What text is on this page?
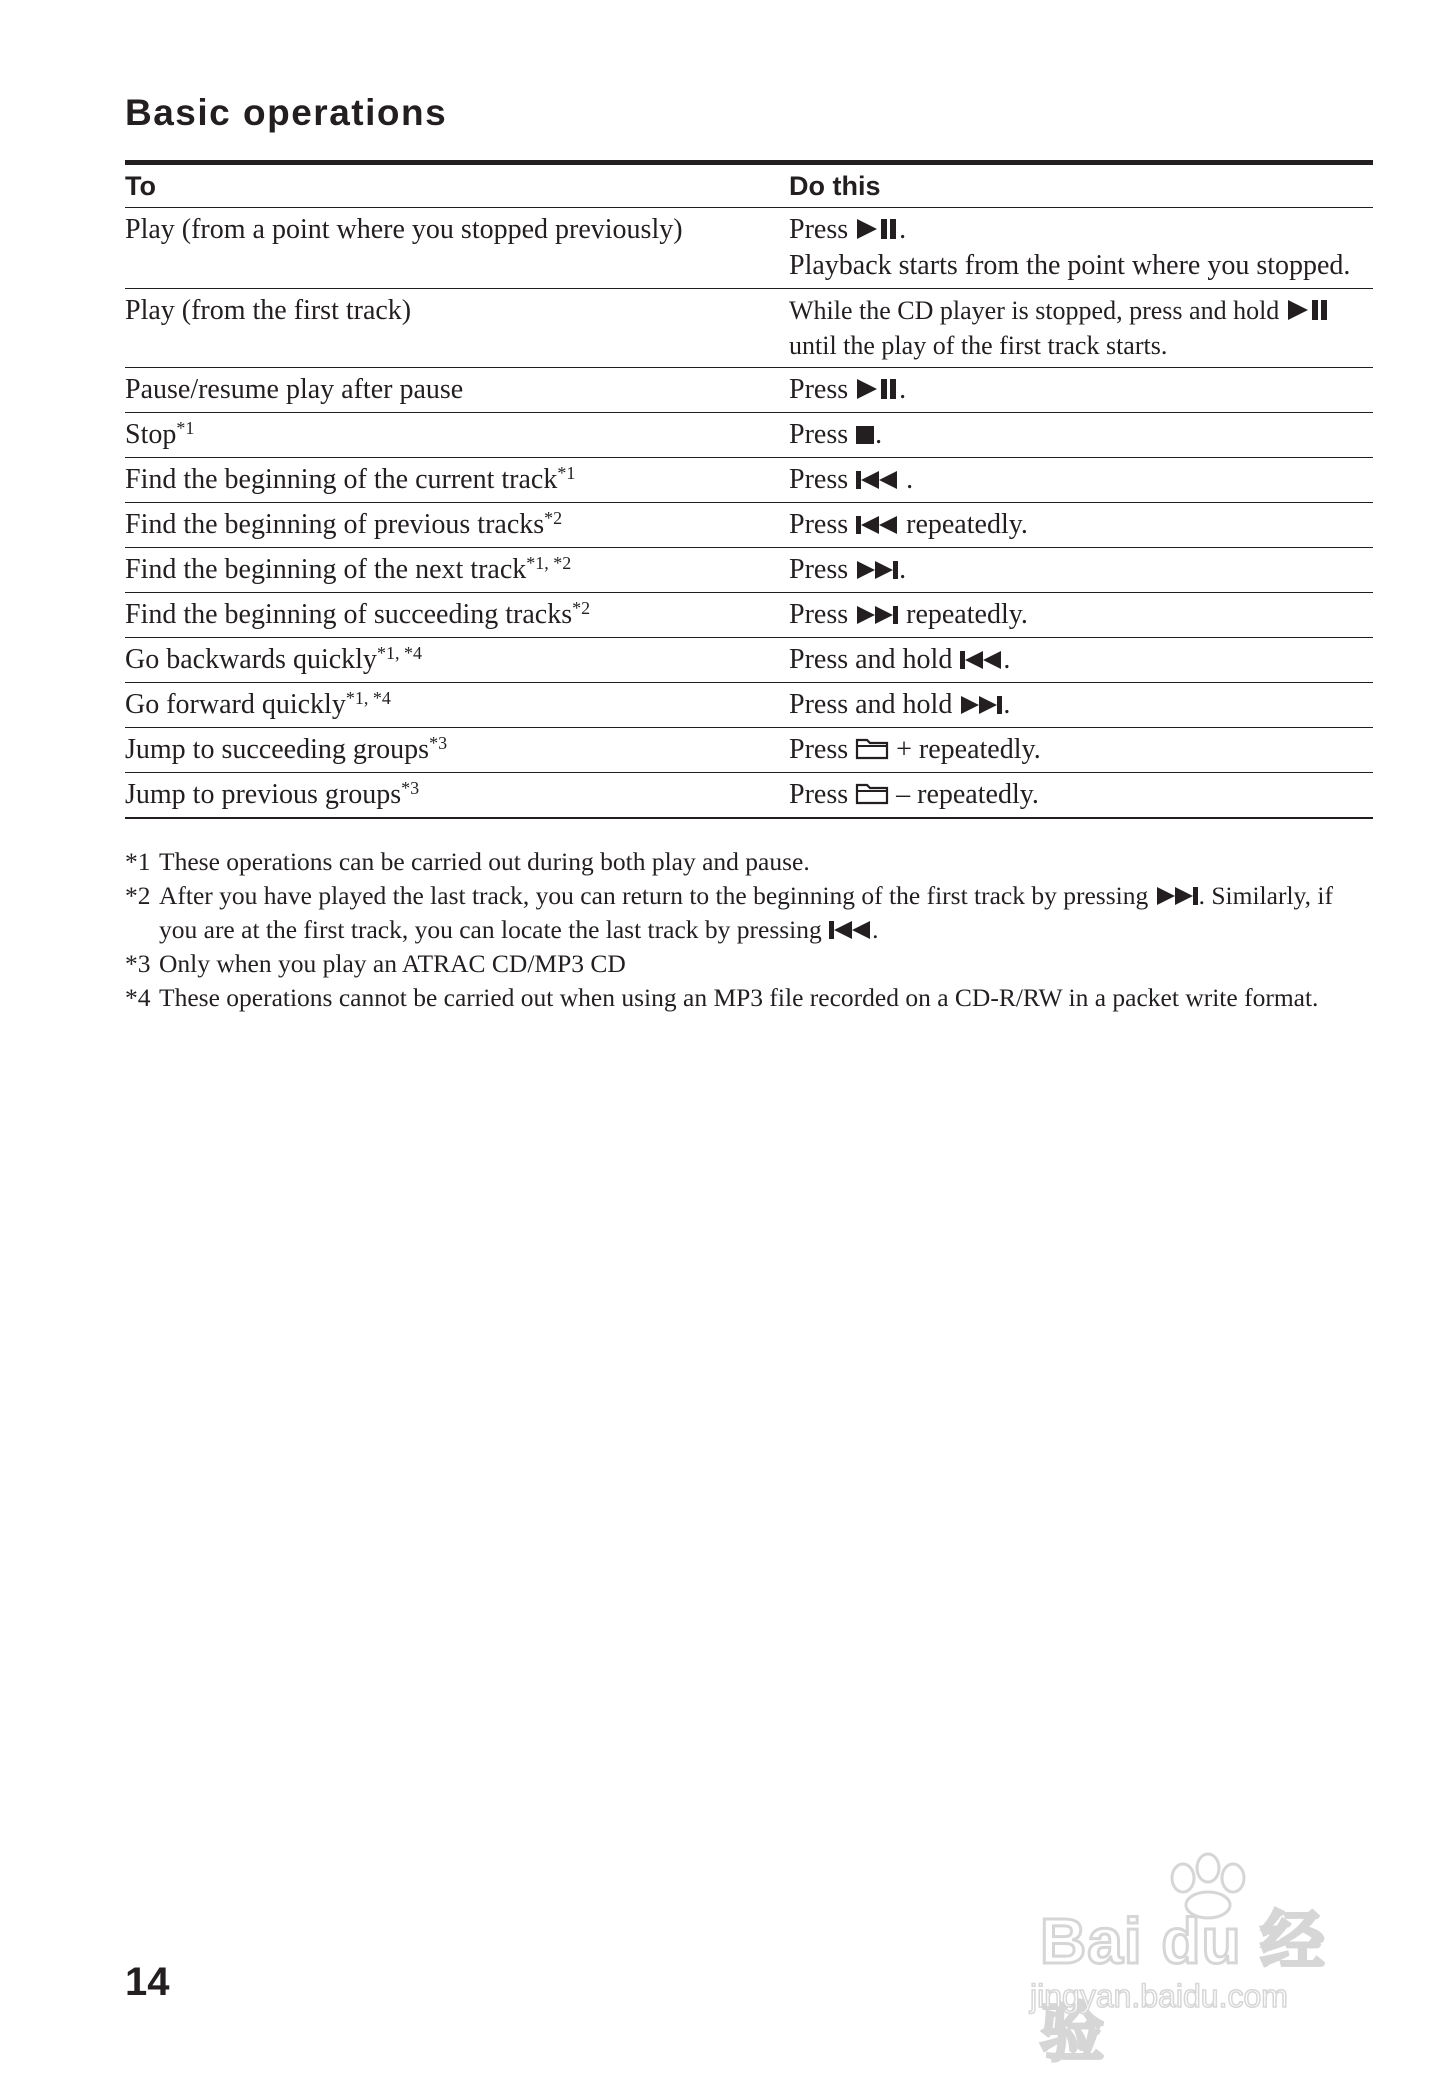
Basic operations
To	Do this
Play (from a point where you stopped previously)	Press .
Playback starts from the point where you stopped.
Play (from the first track)	While the CD player is stopped, press and hold  until the play of the first track starts.
Pause/resume play after pause	Press .
Stop$^{*1}$	Press .
Find the beginning of the current track$^{*1}$	Press  .
Find the beginning of previous tracks$^{*2}$	Press  repeatedly.
Find the beginning of the next track$^{*1, *2}$	Press .
Find the beginning of succeeding tracks$^{*2}$	Press  repeatedly.
Go backwards quickly$^{*1, *4}$	Press and hold .
Go forward quickly$^{*1, *4}$	Press and hold .
Jump to succeeding groups$^{*3}$	Press  + repeatedly.
Jump to previous groups$^{*3}$	Press  – repeatedly.
*1 These operations can be carried out during both play and pause.
*2 After you have played the last track, you can return to the beginning of the first track by pressing . Similarly, if you are at the first track, you can locate the last track by pressing .
*3 Only when you play an ATRAC CD/MP3 CD
*4 These operations cannot be carried out when using an MP3 file recorded on a CD-R/RW in a packet write format.
14
Bai du 经验
jingyan.baidu.com
